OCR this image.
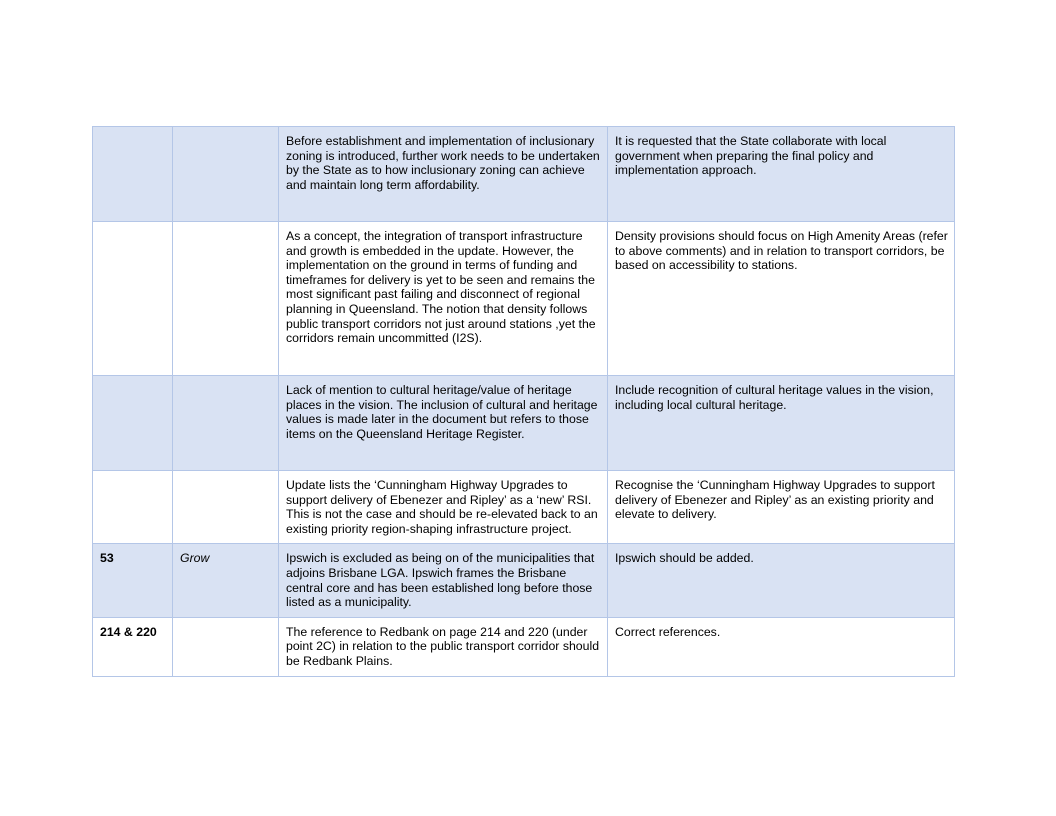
		Before establishment and implementation of inclusionary zoning is introduced, further work needs to be undertaken by the State as to how inclusionary zoning can achieve and maintain long term affordability.	It is requested that the State collaborate with local government when preparing the final policy and implementation approach.
		As a concept, the integration of transport infrastructure and growth is embedded in the update. However, the implementation on the ground in terms of funding and timeframes for delivery is yet to be seen and remains the most significant past failing and disconnect of regional planning in Queensland. The notion that density follows public transport corridors not just around stations ,yet the corridors remain uncommitted (I2S).	Density provisions should focus on High Amenity Areas (refer to above comments) and in relation to transport corridors, be based on accessibility to stations.
		Lack of mention to cultural heritage/value of heritage places in the vision. The inclusion of cultural and heritage values is made later in the document but refers to those items on the Queensland Heritage Register.	Include recognition of cultural heritage values in the vision, including local cultural heritage.
		Update lists the ‘Cunningham Highway Upgrades to support delivery of Ebenezer and Ripley’ as a ‘new’ RSI. This is not the case and should be re-elevated back to an existing priority region-shaping infrastructure project.	Recognise the ‘Cunningham Highway Upgrades to support delivery of Ebenezer and Ripley’ as an existing priority and elevate to delivery.
53	Grow	Ipswich is excluded as being on of the municipalities that adjoins Brisbane LGA. Ipswich frames the Brisbane central core and has been established long before those listed as a municipality.	Ipswich should be added.
214 & 220		The reference to Redbank on page 214 and 220 (under point 2C) in relation to the public transport corridor should be Redbank Plains.	Correct references.
